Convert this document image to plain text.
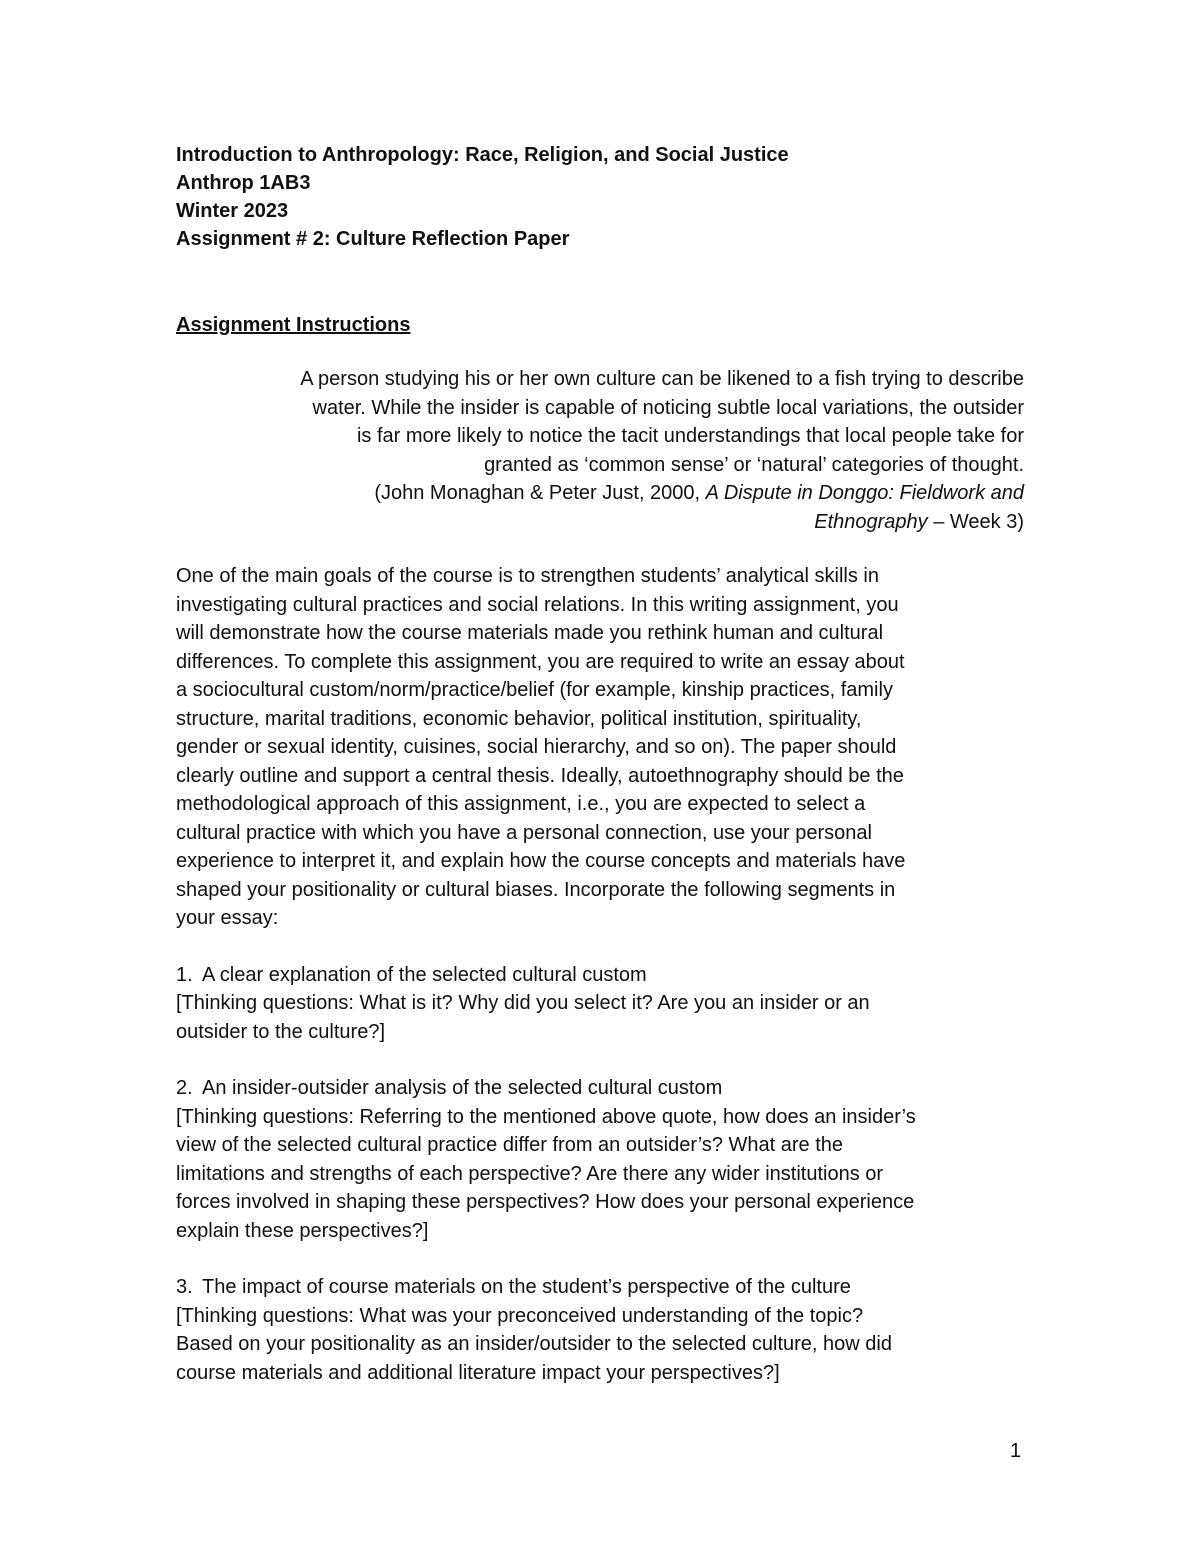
Introduction to Anthropology: Race, Religion, and Social Justice
Anthrop 1AB3
Winter 2023
Assignment # 2: Culture Reflection Paper
Assignment Instructions
A person studying his or her own culture can be likened to a fish trying to describe
water. While the insider is capable of noticing subtle local variations, the outsider
is far more likely to notice the tacit understandings that local people take for
granted as ‘common sense’ or ‘natural’ categories of thought.
(John Monaghan & Peter Just, 2000, A Dispute in Donggo: Fieldwork and
Ethnography – Week 3)
One of the main goals of the course is to strengthen students’ analytical skills in
investigating cultural practices and social relations. In this writing assignment, you
will demonstrate how the course materials made you rethink human and cultural
differences. To complete this assignment, you are required to write an essay about
a sociocultural custom/norm/practice/belief (for example, kinship practices, family
structure, marital traditions, economic behavior, political institution, spirituality,
gender or sexual identity, cuisines, social hierarchy, and so on). The paper should
clearly outline and support a central thesis. Ideally, autoethnography should be the
methodological approach of this assignment, i.e., you are expected to select a
cultural practice with which you have a personal connection, use your personal
experience to interpret it, and explain how the course concepts and materials have
shaped your positionality or cultural biases. Incorporate the following segments in
your essay:
1. A clear explanation of the selected cultural custom
[Thinking questions: What is it? Why did you select it? Are you an insider or an
outsider to the culture?]
2. An insider-outsider analysis of the selected cultural custom
[Thinking questions: Referring to the mentioned above quote, how does an insider’s
view of the selected cultural practice differ from an outsider’s? What are the
limitations and strengths of each perspective? Are there any wider institutions or
forces involved in shaping these perspectives? How does your personal experience
explain these perspectives?]
3. The impact of course materials on the student’s perspective of the culture
[Thinking questions: What was your preconceived understanding of the topic?
Based on your positionality as an insider/outsider to the selected culture, how did
course materials and additional literature impact your perspectives?]
1
